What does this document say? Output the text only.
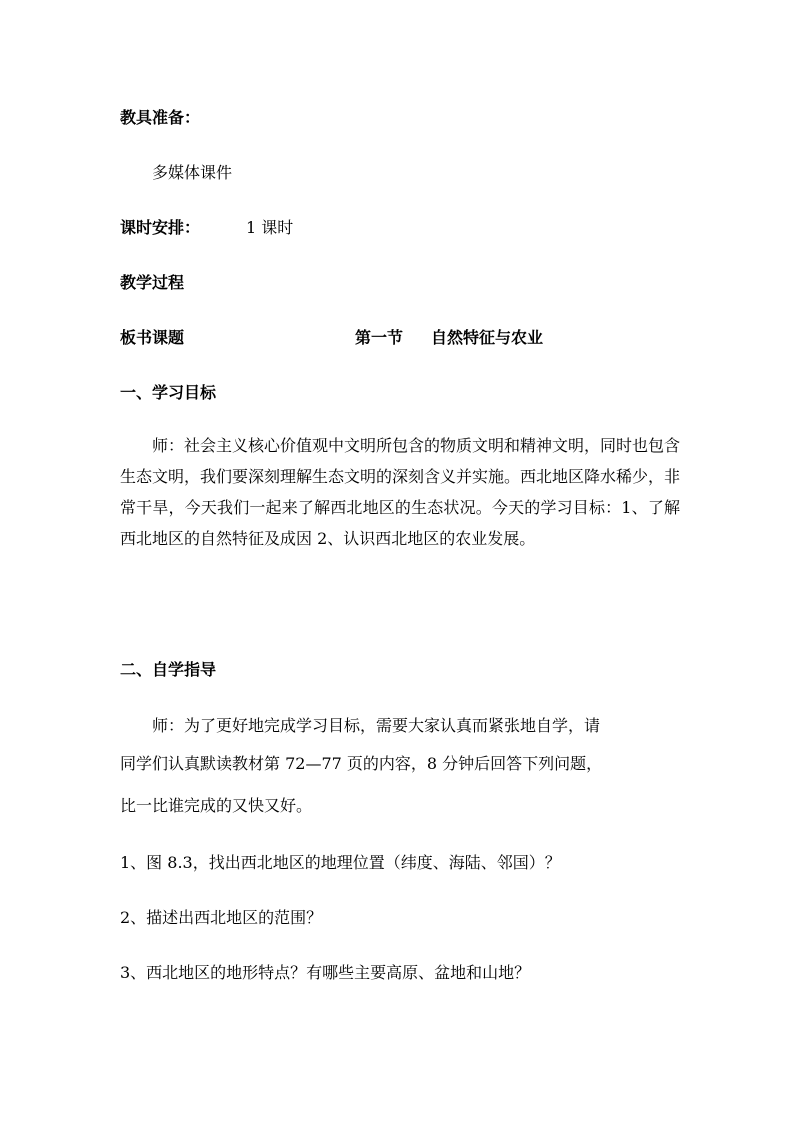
教具准备：
多媒体课件
课时安排：	1 课时
教学过程
板书课题	第一节 自然特征与农业
一、学习目标
师：社会主义核心价值观中文明所包含的物质文明和精神文明，同时也包含生态文明，我们要深刻理解生态文明的深刻含义并实施。西北地区降水稀少，非常干旱，今天我们一起来了解西北地区的生态状况。今天的学习目标：1、了解西北地区的自然特征及成因 2、认识西北地区的农业发展。
二、自学指导
师：为了更好地完成学习目标，需要大家认真而紧张地自学，请
同学们认真默读教材第 72—77 页的内容，8 分钟后回答下列问题，
比一比谁完成的又快又好。
1、图 8.3，找出西北地区的地理位置（纬度、海陆、邻国）？
2、描述出西北地区的范围？
3、西北地区的地形特点？有哪些主要高原、盆地和山地？
